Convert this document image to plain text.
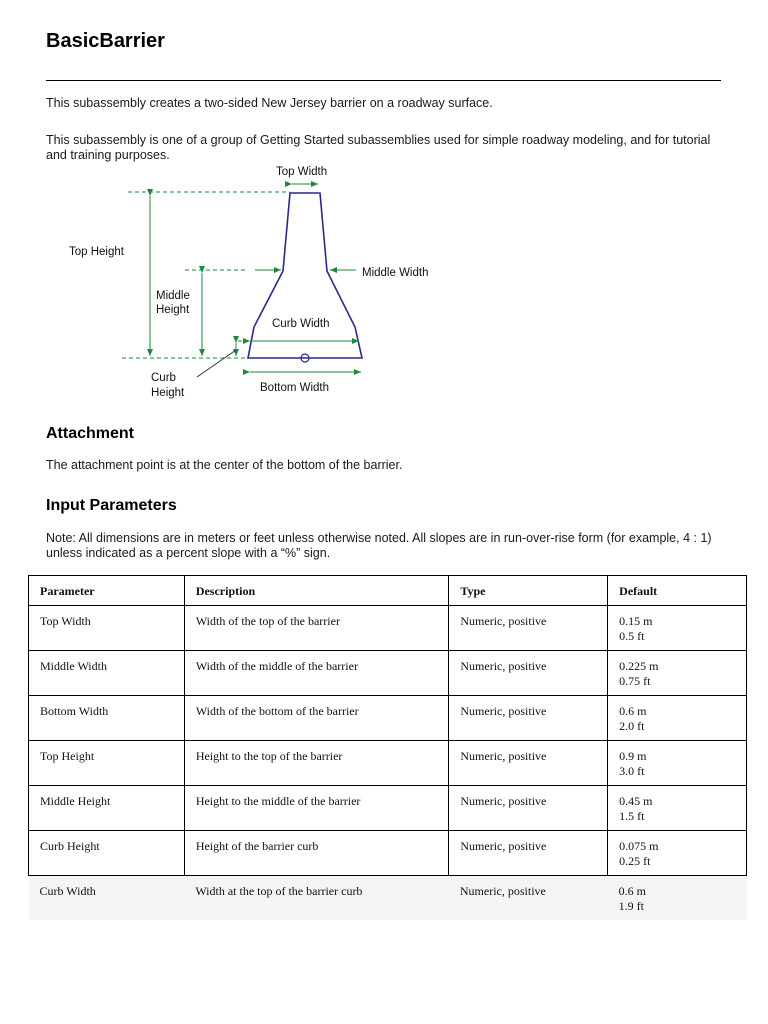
BasicBarrier

This subassembly creates a two-sided New Jersey barrier on a roadway surface.

This subassembly is one of a group of Getting Started subassemblies used for simple roadway modeling, and for tutorial and training purposes.

Top Width
Top Height
Middle Width
Middle
Height
Curb Width
Curb
Height	Bottom Width
Attachment

The attachment point is at the center of the bottom of the barrier.

Input Parameters

Note: All dimensions are in meters or feet unless otherwise noted. All slopes are in run-over-rise form (for example, 4 : 1) unless indicated as a percent slope with a “%” sign.

Parameter	Description	Type	Default
Top Width	Width of the top of the barrier	Numeric, positive	0.15 m
0.5 ft

Middle Width	Width of the middle of the barrier	Numeric, positive	0.225 m
0.75 ft

Bottom Width	Width of the bottom of the barrier	Numeric, positive	0.6 m
2.0 ft

Top Height	Height to the top of the barrier	Numeric, positive	0.9 m
3.0 ft

Middle Height	Height to the middle of the barrier	Numeric, positive	0.45 m
1.5 ft

Curb Height	Height of the barrier curb	Numeric, positive	0.075 m
0.25 ft

Curb Width	Width at the top of the barrier curb	Numeric, positive	0.6 m
1.9 ft
